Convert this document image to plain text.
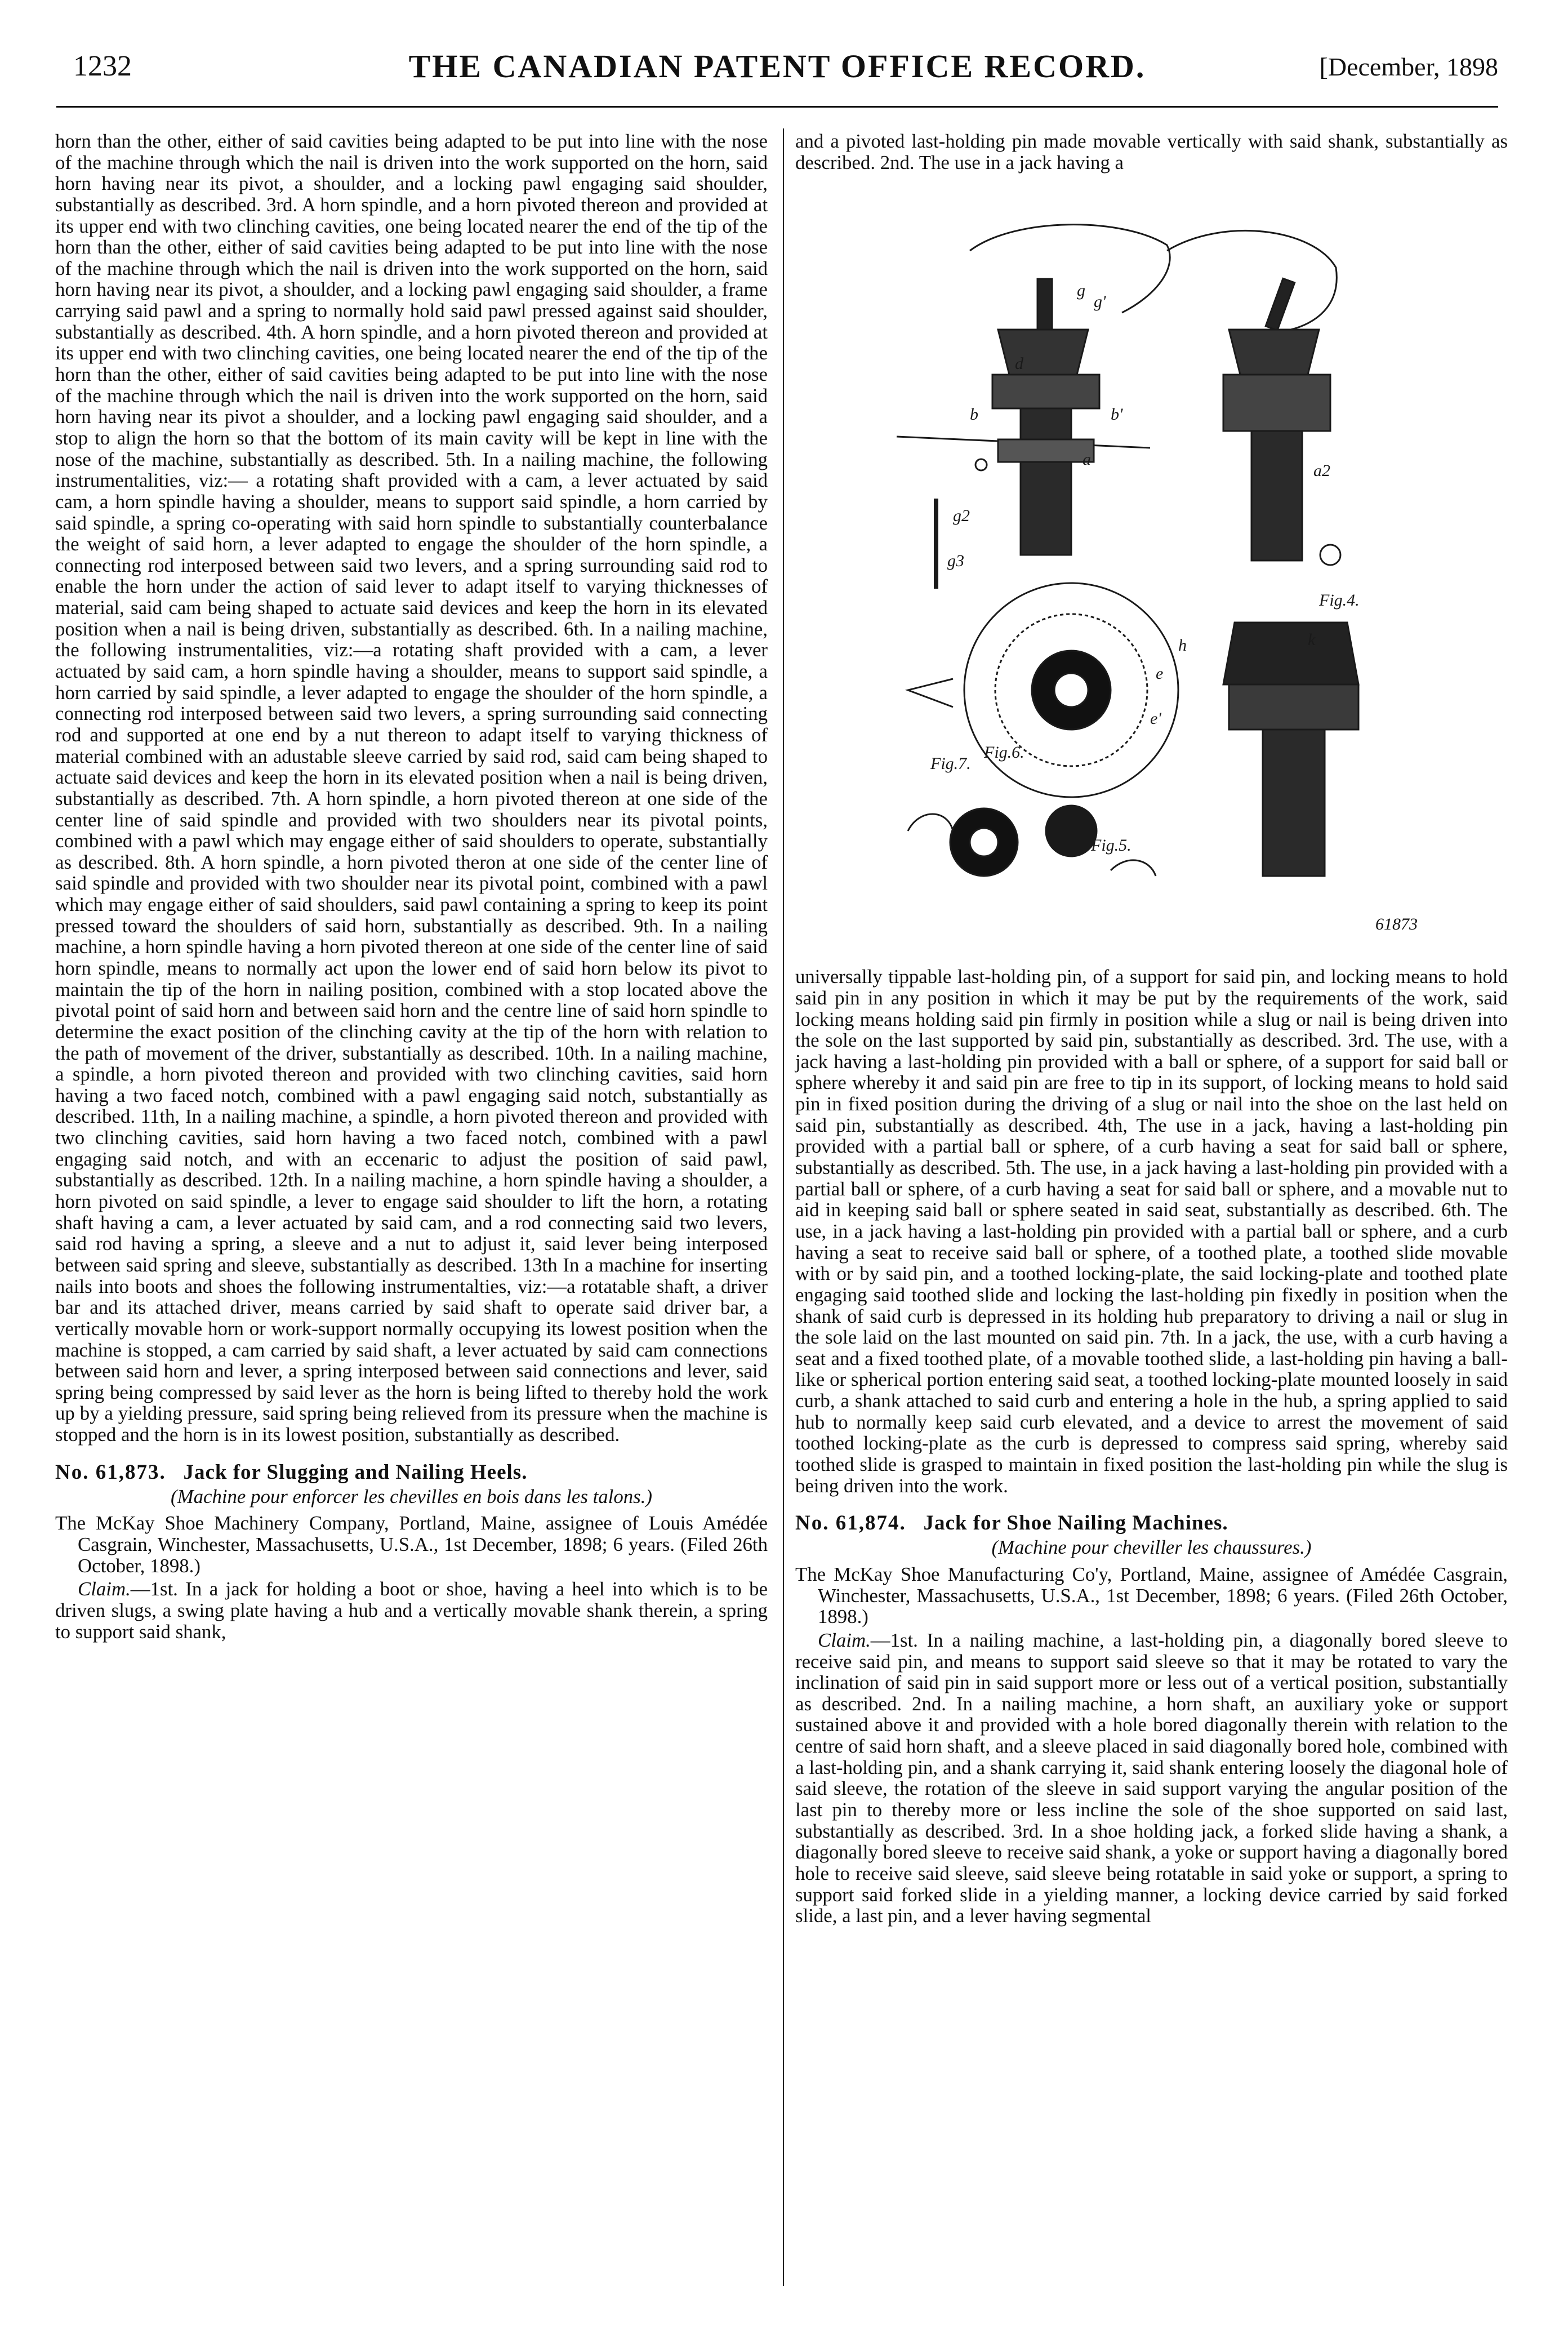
1232	THE CANADIAN PATENT OFFICE RECORD.	[December, 1898

horn than the other, either of said cavities being adapted to be put into line with the nose of the machine through which the nail is driven into the work supported on the horn, said horn having near its pivot, a shoulder, and a locking pawl engaging said shoulder, substantially as described. 3rd. A horn spindle, and a horn pivoted thereon and provided at its upper end with two clinching cavities, one being located nearer the end of the tip of the horn than the other, either of said cavities being adapted to be put into line with the nose of the machine through which the nail is driven into the work supported on the horn, said horn having near its pivot, a shoulder, and a locking pawl engaging said shoulder, a frame carrying said pawl and a spring to normally hold said pawl pressed against said shoulder, substantially as described. 4th. A horn spindle, and a horn pivoted thereon and provided at its upper end with two clinching cavities, one being located nearer the end of the tip of the horn than the other, either of said cavities being adapted to be put into line with the nose of the machine through which the nail is driven into the work supported on the horn, said horn having near its pivot a shoulder, and a locking pawl engaging said shoulder, and a stop to align the horn so that the bottom of its main cavity will be kept in line with the nose of the machine, substantially as described. 5th. In a nailing machine, the following instrumentalities, viz:— a rotating shaft provided with a cam, a lever actuated by said cam, a horn spindle having a shoulder, means to support said spindle, a horn carried by said spindle, a spring co-operating with said horn spindle to substantially counterbalance the weight of said horn, a lever adapted to engage the shoulder of the horn spindle, a connecting rod interposed between said two levers, and a spring surrounding said rod to enable the horn under the action of said lever to adapt itself to varying thicknesses of material, said cam being shaped to actuate said devices and keep the horn in its elevated position when a nail is being driven, substantially as described. 6th. In a nailing machine, the following instrumentalities, viz:—a rotating shaft provided with a cam, a lever actuated by said cam, a horn spindle having a shoulder, means to support said spindle, a horn carried by said spindle, a lever adapted to engage the shoulder of the horn spindle, a connecting rod interposed between said two levers, a spring surrounding said connecting rod and supported at one end by a nut thereon to adapt itself to varying thickness of material combined with an adustable sleeve carried by said rod, said cam being shaped to actuate said devices and keep the horn in its elevated position when a nail is being driven, substantially as described. 7th. A horn spindle, a horn pivoted thereon at one side of the center line of said spindle and provided with two shoulders near its pivotal points, combined with a pawl which may engage either of said shoulders to operate, substantially as described. 8th. A horn spindle, a horn pivoted theron at one side of the center line of said spindle and provided with two shoulder near its pivotal point, combined with a pawl which may engage either of said shoulders, said pawl containing a spring to keep its point pressed toward the shoulders of said horn, substantially as described. 9th. In a nailing machine, a horn spindle having a horn pivoted thereon at one side of the center line of said horn spindle, means to normally act upon the lower end of said horn below its pivot to maintain the tip of the horn in nailing position, combined with a stop located above the pivotal point of said horn and between said horn and the centre line of said horn spindle to determine the exact position of the clinching cavity at the tip of the horn with relation to the path of movement of the driver, substantially as described. 10th. In a nailing machine, a spindle, a horn pivoted thereon and provided with two clinching cavities, said horn having a two faced notch, combined with a pawl engaging said notch, substantially as described. 11th, In a nailing machine, a spindle, a horn pivoted thereon and provided with two clinching cavities, said horn having a two faced notch, combined with a pawl engaging said notch, and with an eccenaric to adjust the position of said pawl, substantially as described. 12th. In a nailing machine, a horn spindle having a shoulder, a horn pivoted on said spindle, a lever to engage said shoulder to lift the horn, a rotating shaft having a cam, a lever actuated by said cam, and a rod connecting said two levers, said rod having a spring, a sleeve and a nut to adjust it, said lever being interposed between said spring and sleeve, substantially as described. 13th In a machine for inserting nails into boots and shoes the following instrumentalties, viz:—a rotatable shaft, a driver bar and its attached driver, means carried by said shaft to operate said driver bar, a vertically movable horn or work-support normally occupying its lowest position when the machine is stopped, a cam carried by said shaft, a lever actuated by said cam connections between said horn and lever, a spring interposed between said connections and lever, said spring being compressed by said lever as the horn is being lifted to thereby hold the work up by a yielding pressure, said spring being relieved from its pressure when the machine is stopped and the horn is in its lowest position, substantially as described.

No. 61,873. Jack for Slugging and Nailing Heels.
(Machine pour enforcer les chevilles en bois dans les talons.)

The McKay Shoe Machinery Company, Portland, Maine, assignee of Louis Amédée Casgrain, Winchester, Massachusetts, U.S.A., 1st December, 1898; 6 years. (Filed 26th October, 1898.)

Claim.—1st. In a jack for holding a boot or shoe, having a heel into which is to be driven slugs, a swing plate having a hub and a vertically movable shank therein, a spring to support said shank,

and a pivoted last-holding pin made movable vertically with said shank, substantially as described. 2nd. The use in a jack having a

Fig.7.
Fig.6.
Fig.5.
Fig.4.
g
g'
b	b'
d
a
g2
g3
e
h
e'
k
a2
61873

universally tippable last-holding pin, of a support for said pin, and locking means to hold said pin in any position in which it may be put by the requirements of the work, said locking means holding said pin firmly in position while a slug or nail is being driven into the sole on the last supported by said pin, substantially as described. 3rd. The use, with a jack having a last-holding pin provided with a ball or sphere, of a support for said ball or sphere whereby it and said pin are free to tip in its support, of locking means to hold said pin in fixed position during the driving of a slug or nail into the shoe on the last held on said pin, substantially as described. 4th, The use in a jack, having a last-holding pin provided with a partial ball or sphere, of a curb having a seat for said ball or sphere, substantially as described. 5th. The use, in a jack having a last-holding pin provided with a partial ball or sphere, of a curb having a seat for said ball or sphere, and a movable nut to aid in keeping said ball or sphere seated in said seat, substantially as described. 6th. The use, in a jack having a last-holding pin provided with a partial ball or sphere, and a curb having a seat to receive said ball or sphere, of a toothed plate, a toothed slide movable with or by said pin, and a toothed locking-plate, the said locking-plate and toothed plate engaging said toothed slide and locking the last-holding pin fixedly in position when the shank of said curb is depressed in its holding hub preparatory to driving a nail or slug in the sole laid on the last mounted on said pin. 7th. In a jack, the use, with a curb having a seat and a fixed toothed plate, of a movable toothed slide, a last-holding pin having a ball-like or spherical portion entering said seat, a toothed locking-plate mounted loosely in said curb, a shank attached to said curb and entering a hole in the hub, a spring applied to said hub to normally keep said curb elevated, and a device to arrest the movement of said toothed locking-plate as the curb is depressed to compress said spring, whereby said toothed slide is grasped to maintain in fixed position the last-holding pin while the slug is being driven into the work.

No. 61,874. Jack for Shoe Nailing Machines.
(Machine pour cheviller les chaussures.)

The McKay Shoe Manufacturing Co'y, Portland, Maine, assignee of Amédée Casgrain, Winchester, Massachusetts, U.S.A., 1st December, 1898; 6 years. (Filed 26th October, 1898.)

Claim.—1st. In a nailing machine, a last-holding pin, a diagonally bored sleeve to receive said pin, and means to support said sleeve so that it may be rotated to vary the inclination of said pin in said support more or less out of a vertical position, substantially as described. 2nd. In a nailing machine, a horn shaft, an auxiliary yoke or support sustained above it and provided with a hole bored diagonally therein with relation to the centre of said horn shaft, and a sleeve placed in said diagonally bored hole, combined with a last-holding pin, and a shank carrying it, said shank entering loosely the diagonal hole of said sleeve, the rotation of the sleeve in said support varying the angular position of the last pin to thereby more or less incline the sole of the shoe supported on said last, substantially as described. 3rd. In a shoe holding jack, a forked slide having a shank, a diagonally bored sleeve to receive said shank, a yoke or support having a diagonally bored hole to receive said sleeve, said sleeve being rotatable in said yoke or support, a spring to support said forked slide in a yielding manner, a locking device carried by said forked slide, a last pin, and a lever having segmental
